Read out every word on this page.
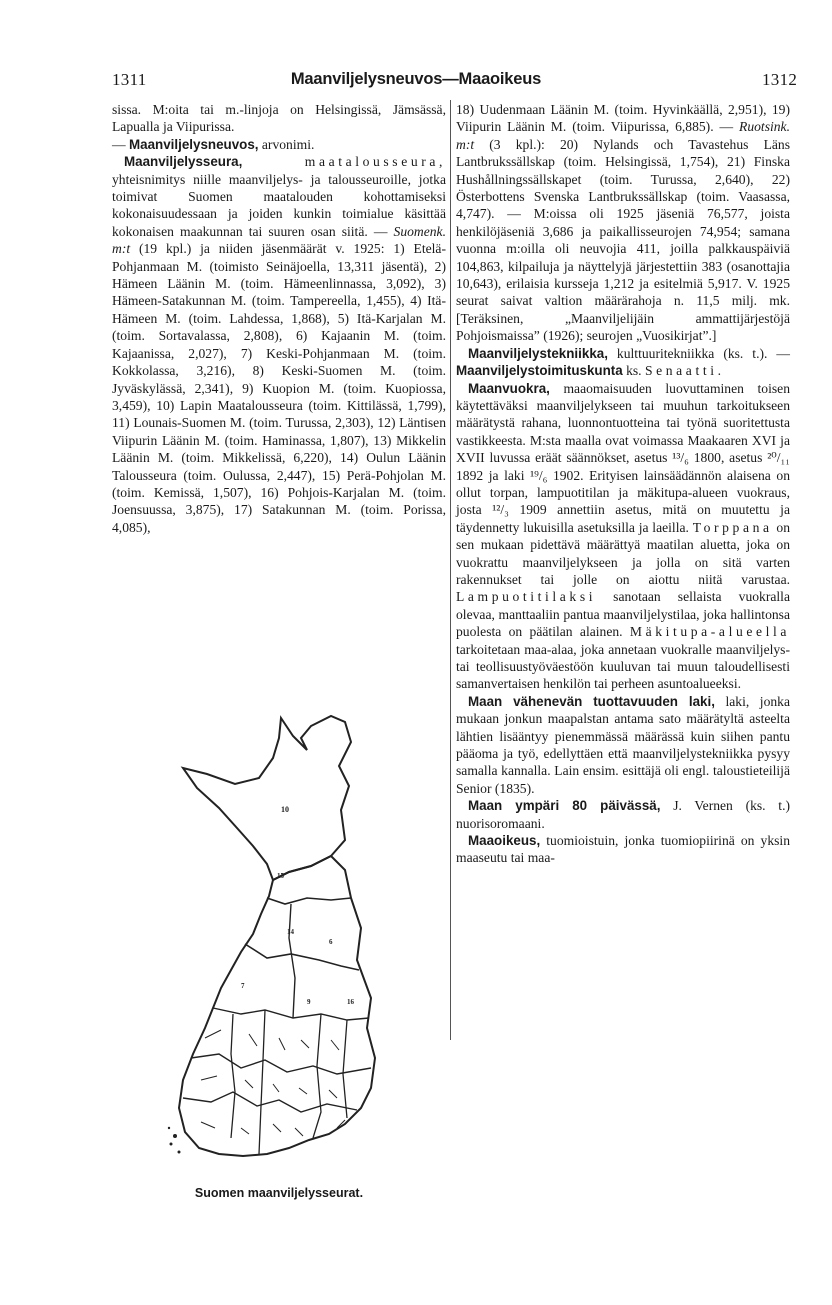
1311	Maanviljelysneuvos—Maaoikeus	1312

sissa. M:oita tai m.-linjoja on Helsingissä, Jämsässä, Lapualla ja Viipurissa.

— Maanviljelysneuvos, arvonimi.

Maanviljelysseura,	maatalousseura, yhteisnimitys niille maanviljelys- ja talousseuroille, jotka toimivat Suomen maatalouden kohottamiseksi kokonaisuudessaan ja joiden kunkin toimialue käsittää kokonaisen maakunnan tai suuren osan siitä. — Suomenk. m:t (19 kpl.) ja niiden jäsenmäärät v. 1925: 1) Etelä-Pohjanmaan M. (toimisto Seinäjoella, 13,311 jäsentä), 2) Hämeen Läänin M. (toim. Hämeenlinnassa, 3,092), 3) Hämeen-Satakunnan M. (toim. Tampereella, 1,455), 4) Itä-Hämeen M. (toim. Lahdessa, 1,868), 5) Itä-Karjalan M. (toim. Sortavalassa, 2,808), 6) Kajaanin M. (toim. Kajaanissa, 2,027), 7) Keski-Pohjanmaan M. (toim. Kokkolassa, 3,216), 8) Keski-Suomen M. (toim. Jyväskylässä, 2,341), 9) Kuopion M. (toim. Kuopiossa, 3,459), 10) Lapin Maatalousseura (toim. Kittilässä, 1,799), 11) Lounais-Suomen M. (toim. Turussa, 2,303), 12) Läntisen Viipurin Läänin M. (toim. Haminassa, 1,807), 13) Mikkelin Läänin M. (toim. Mikkelissä, 6,220), 14) Oulun Läänin Talousseura (toim. Oulussa, 2,447), 15) Perä-Pohjolan M. (toim. Kemissä, 1,507), 16) Pohjois-Karjalan M. (toim. Joensuussa, 3,875), 17) Satakunnan M. (toim. Porissa, 4,085),

10
15
14
6
7
9	16
Suomen maanviljelysseurat.

18) Uudenmaan Läänin M. (toim. Hyvinkäällä, 2,951), 19) Viipurin Läänin M. (toim. Viipurissa, 6,885). — Ruotsink. m:t (3 kpl.): 20) Nylands och Tavastehus Läns Lantbrukssällskap (toim. Helsingissä, 1,754), 21) Finska Hushållningssällskapet (toim. Turussa, 2,640), 22) Österbottens Svenska Lantbrukssällskap (toim. Vaasassa, 4,747). — M:oissa oli 1925 jäseniä 76,577, joista henkilöjäseniä 3,686 ja paikallisseurojen 74,954; samana vuonna m:oilla oli neuvojia 411, joilla palkkauspäiviä 104,863, kilpailuja ja näyttelyjä järjestettiin 383 (osanottajia 10,643), erilaisia kursseja 1,212 ja esitelmiä 5,917. V. 1925 seurat saivat valtion määrärahoja n. 11,5 milj. mk. [Teräksinen, „Maanviljelijäin ammattijärjestöjä Pohjoismaissa” (1926); seurojen „Vuosikirjat”.]

Maanviljelystekniikka, kulttuuritekniikka (ks. t.). — Maanviljelystoimituskunta ks. Senaatti.

Maanvuokra, maaomaisuuden luovuttaminen toisen käytettäväksi maanviljelykseen tai muuhun tarkoitukseen määrätystä rahana, luonnontuotteina tai työnä suoritettusta vastikkeesta. M:sta maalla ovat voimassa Maakaaren XVI ja XVII luvussa eräät säännökset, asetus ¹³/₆ 1800, asetus ²⁰/₁₁ 1892 ja laki ¹⁹/₆ 1902. Erityisen lainsäädännön alaisena on ollut torpan, lampuotitilan ja mäkitupa-alueen vuokraus, josta ¹²/₃ 1909 annettiin asetus, mitä on muutettu ja täydennetty lukuisilla asetuksilla ja laeilla. Torppana on sen mukaan pidettävä määrättyä maatilan aluetta, joka on vuokrattu maanviljelykseen ja jolla on sitä varten rakennukset tai jolle on aiottu niitä varustaa. Lampuotitilaksi sanotaan sellaista vuokralla olevaa, manttaaliin pantua maanviljelystilaa, joka hallintonsa puolesta on päätilan alainen. Mäkitupa-alueella tarkoitetaan maa-alaa, joka annetaan vuokralle maanviljelys- tai teollisuustyöväestöön kuuluvan tai muun taloudellisesti samanvertaisen henkilön tai perheen asuntoalueeksi.

Maan vähenevän tuottavuuden laki, laki, jonka mukaan jonkun maapalstan antama sato määrätyltä asteelta lähtien lisääntyy pienemmässä määrässä kuin siihen pantu pääoma ja työ, edellyttäen että maanviljelystekniikka pysyy samalla kannalla. Lain ensim. esittäjä oli engl. taloustieteilijä Senior (1835).

Maan ympäri 80 päivässä, J. Vernen (ks. t.) nuorisoromaani.

Maaoikeus, tuomioistuin, jonka tuomiopiirinä on yksin maaseutu tai maa-
